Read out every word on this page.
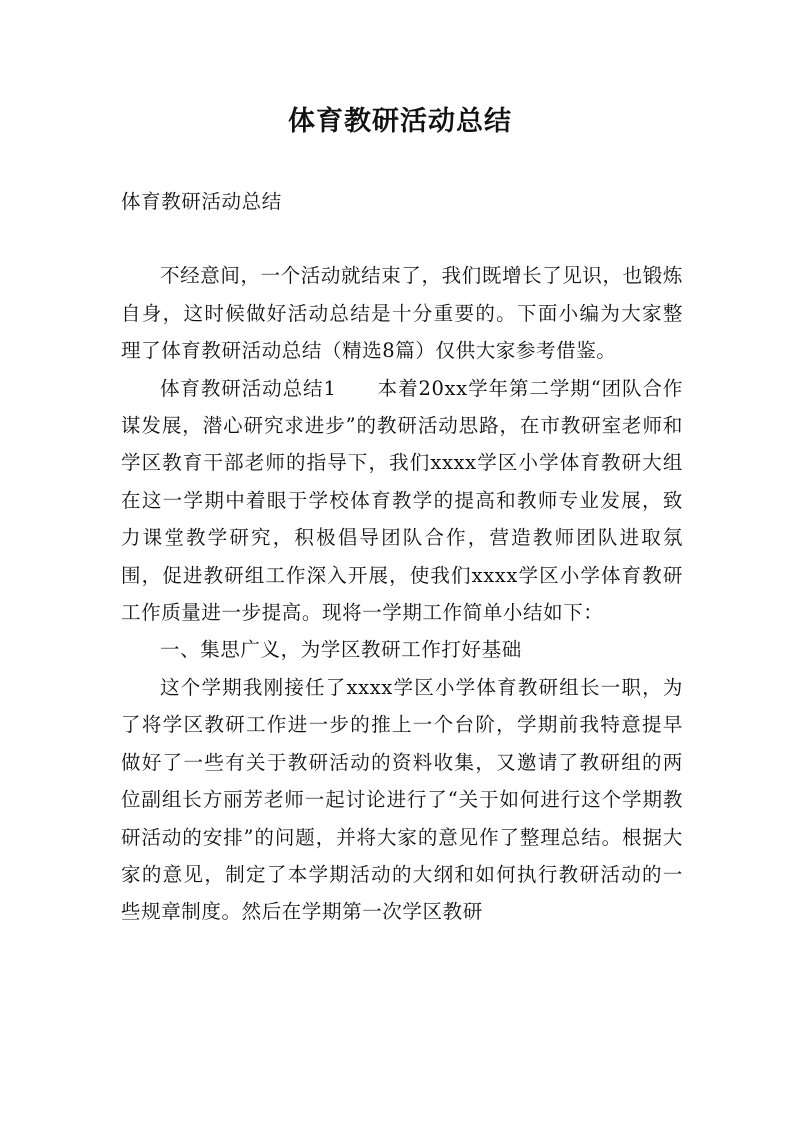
体育教研活动总结

体育教研活动总结

不经意间，一个活动就结束了，我们既增长了见识，也锻炼自身，这时候做好活动总结是十分重要的。下面小编为大家整理了体育教研活动总结（精选8篇）仅供大家参考借鉴。

体育教研活动总结1　　本着20xx学年第二学期“团队合作谋发展，潜心研究求进步”的教研活动思路，在市教研室老师和学区教育干部老师的指导下，我们xxxx学区小学体育教研大组在这一学期中着眼于学校体育教学的提高和教师专业发展，致力课堂教学研究，积极倡导团队合作，营造教师团队进取氛围，促进教研组工作深入开展，使我们xxxx学区小学体育教研工作质量进一步提高。现将一学期工作简单小结如下：

一、集思广义，为学区教研工作打好基础

这个学期我刚接任了xxxx学区小学体育教研组长一职，为了将学区教研工作进一步的推上一个台阶，学期前我特意提早做好了一些有关于教研活动的资料收集，又邀请了教研组的两位副组长方丽芳老师一起讨论进行了“关于如何进行这个学期教研活动的安排”的问题，并将大家的意见作了整理总结。根据大家的意见，制定了本学期活动的大纲和如何执行教研活动的一些规章制度。然后在学期第一次学区教研
